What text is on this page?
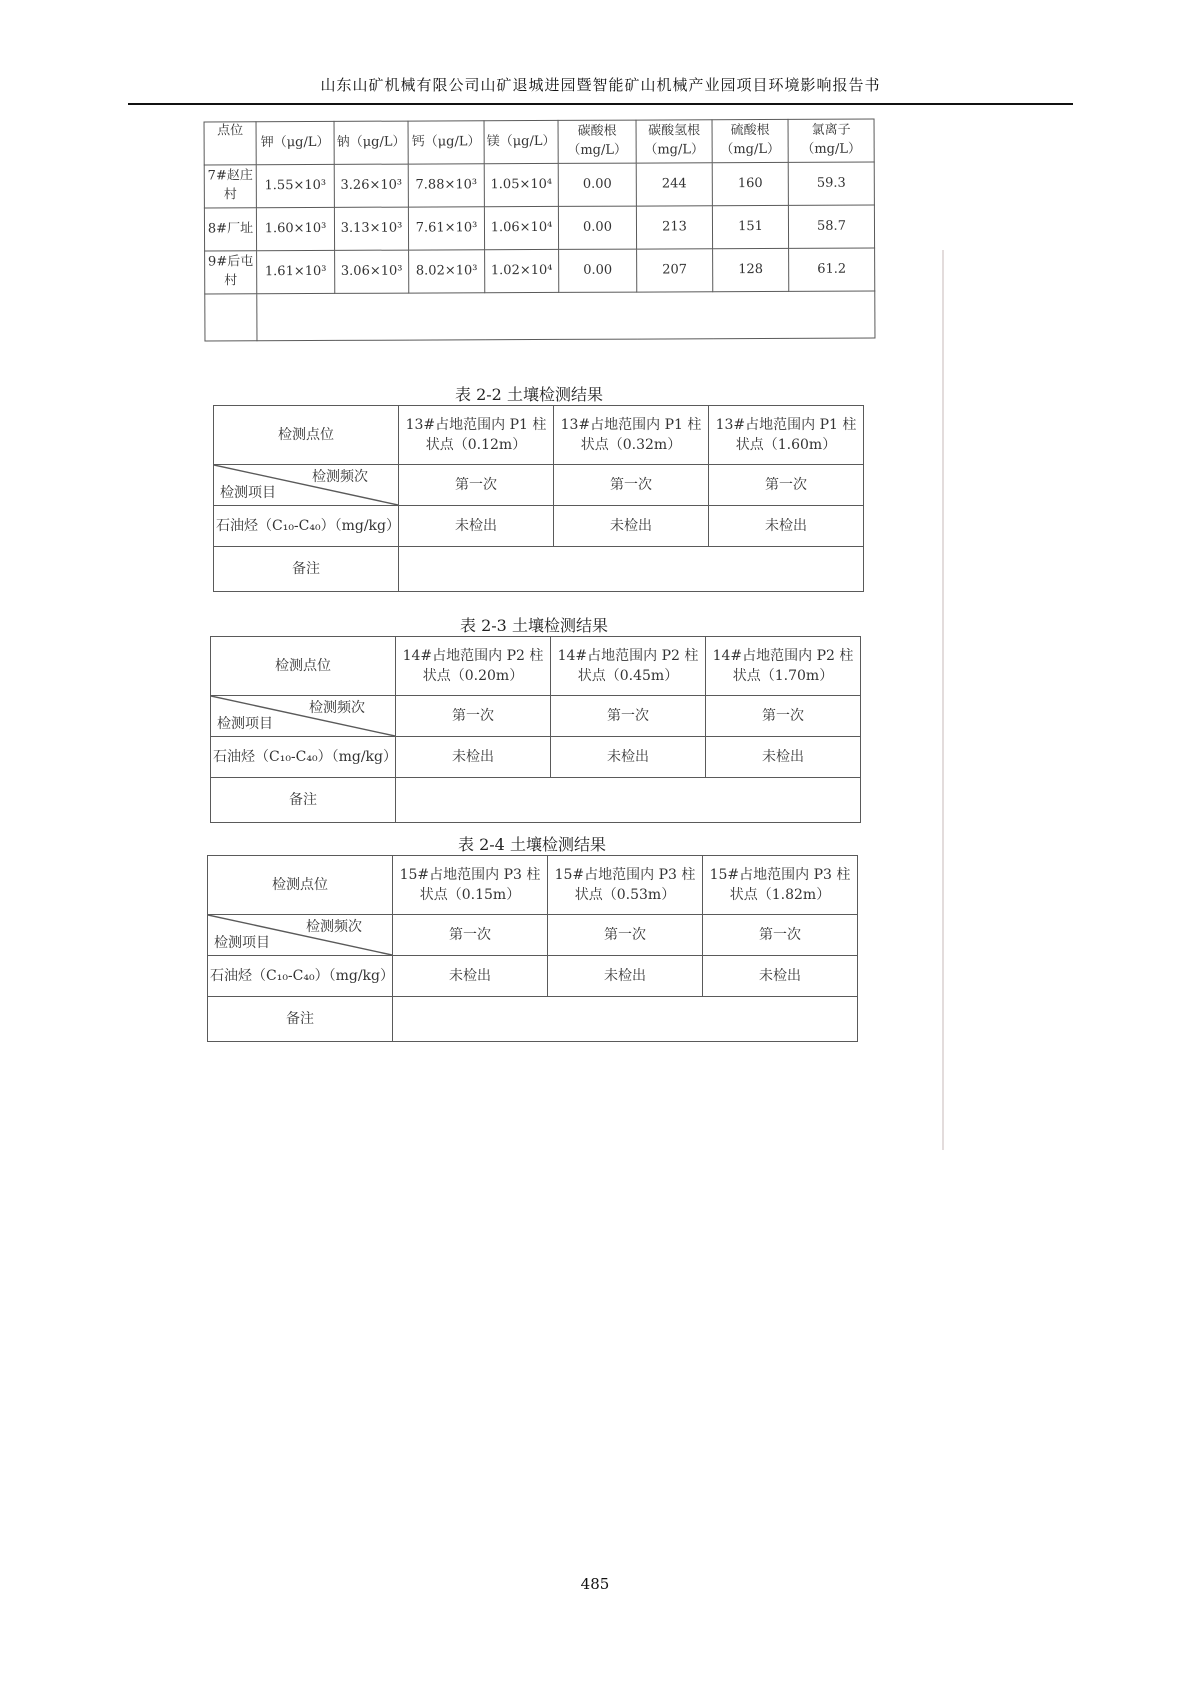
山东山矿机械有限公司山矿退城进园暨智能矿山机械产业园项目环境影响报告书
点位	钾（μg/L）	钠（μg/L）	钙（μg/L）	镁（μg/L）	碳酸根（mg/L）	碳酸氢根（mg/L）	硫酸根（mg/L）	氯离子（mg/L）
7#赵庄村	1.55×10³	3.26×10³	7.88×10³	1.05×10⁴	0.00	244	160	59.3
8#厂址	1.60×10³	3.13×10³	7.61×10³	1.06×10⁴	0.00	213	151	58.7
9#后屯村	1.61×10³	3.06×10³	8.02×10³	1.02×10⁴	0.00	207	128	61.2

表 2-2 土壤检测结果
检测点位	13#占地范围内 P1 柱状点（0.12m）	13#占地范围内 P1 柱状点（0.32m）	13#占地范围内 P1 柱状点（1.60m）

检测频次
检测项目	第一次	第一次	第一次
石油烃（C₁₀-C₄₀）（mg/kg）	未检出	未检出	未检出
备注			
表 2-3 土壤检测结果
检测点位	14#占地范围内 P2 柱状点（0.20m）	14#占地范围内 P2 柱状点（0.45m）	14#占地范围内 P2 柱状点（1.70m）

检测频次
检测项目	第一次	第一次	第一次
石油烃（C₁₀-C₄₀）（mg/kg）	未检出	未检出	未检出
备注			
表 2-4 土壤检测结果
检测点位	15#占地范围内 P3 柱状点（0.15m）	15#占地范围内 P3 柱状点（0.53m）	15#占地范围内 P3 柱状点（1.82m）

检测频次
检测项目	第一次	第一次	第一次
石油烃（C₁₀-C₄₀）（mg/kg）	未检出	未检出	未检出
备注			
485
